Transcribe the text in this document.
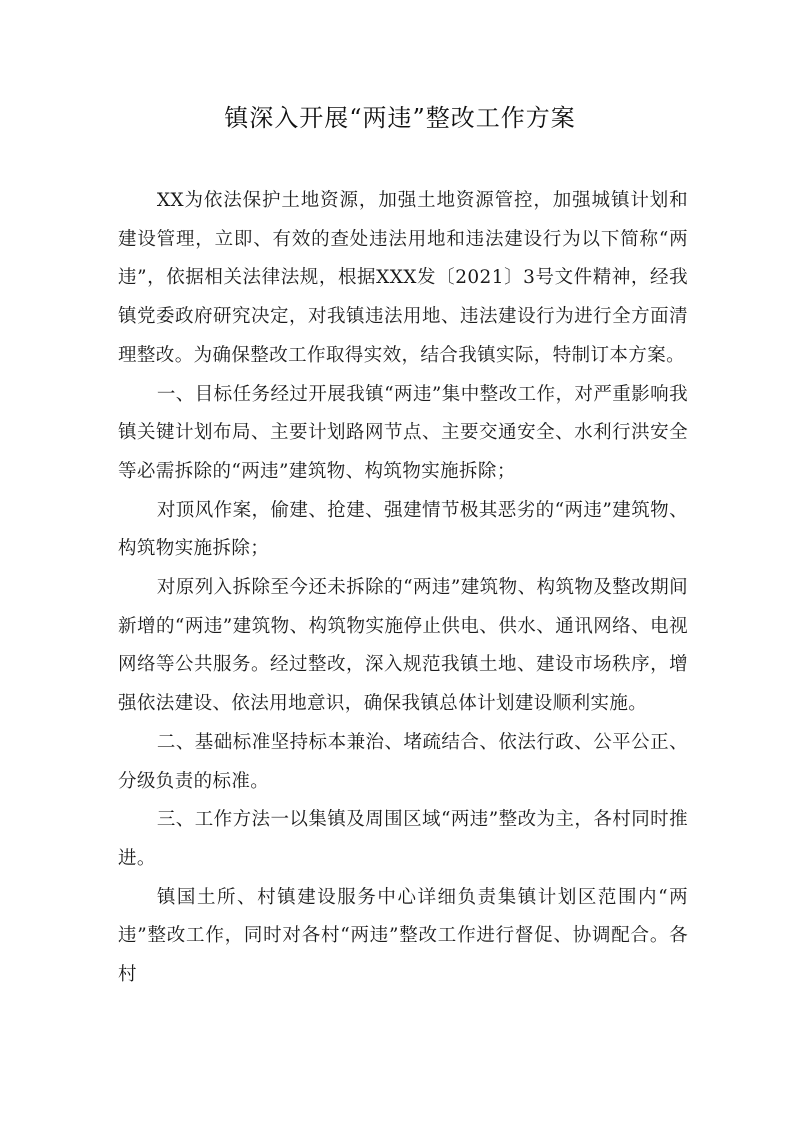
镇深入开展“两违”整改工作方案

XX为依法保护土地资源，加强土地资源管控，加强城镇计划和建设管理，立即、有效的查处违法用地和违法建设行为以下简称“两违”，依据相关法律法规，根据XXX发〔2021〕3号文件精神，经我镇党委政府研究决定，对我镇违法用地、违法建设行为进行全方面清理整改。为确保整改工作取得实效，结合我镇实际，特制订本方案。

一、目标任务经过开展我镇“两违”集中整改工作，对严重影响我镇关键计划布局、主要计划路网节点、主要交通安全、水利行洪安全等必需拆除的“两违”建筑物、构筑物实施拆除；

对顶风作案，偷建、抢建、强建情节极其恶劣的“两违”建筑物、构筑物实施拆除；

对原列入拆除至今还未拆除的“两违”建筑物、构筑物及整改期间新增的“两违”建筑物、构筑物实施停止供电、供水、通讯网络、电视网络等公共服务。经过整改，深入规范我镇土地、建设市场秩序，增强依法建设、依法用地意识，确保我镇总体计划建设顺利实施。

二、基础标准坚持标本兼治、堵疏结合、依法行政、公平公正、分级负责的标准。

三、工作方法一以集镇及周围区域“两违”整改为主，各村同时推进。

镇国土所、村镇建设服务中心详细负责集镇计划区范围内“两违”整改工作，同时对各村“两违”整改工作进行督促、协调配合。各村
